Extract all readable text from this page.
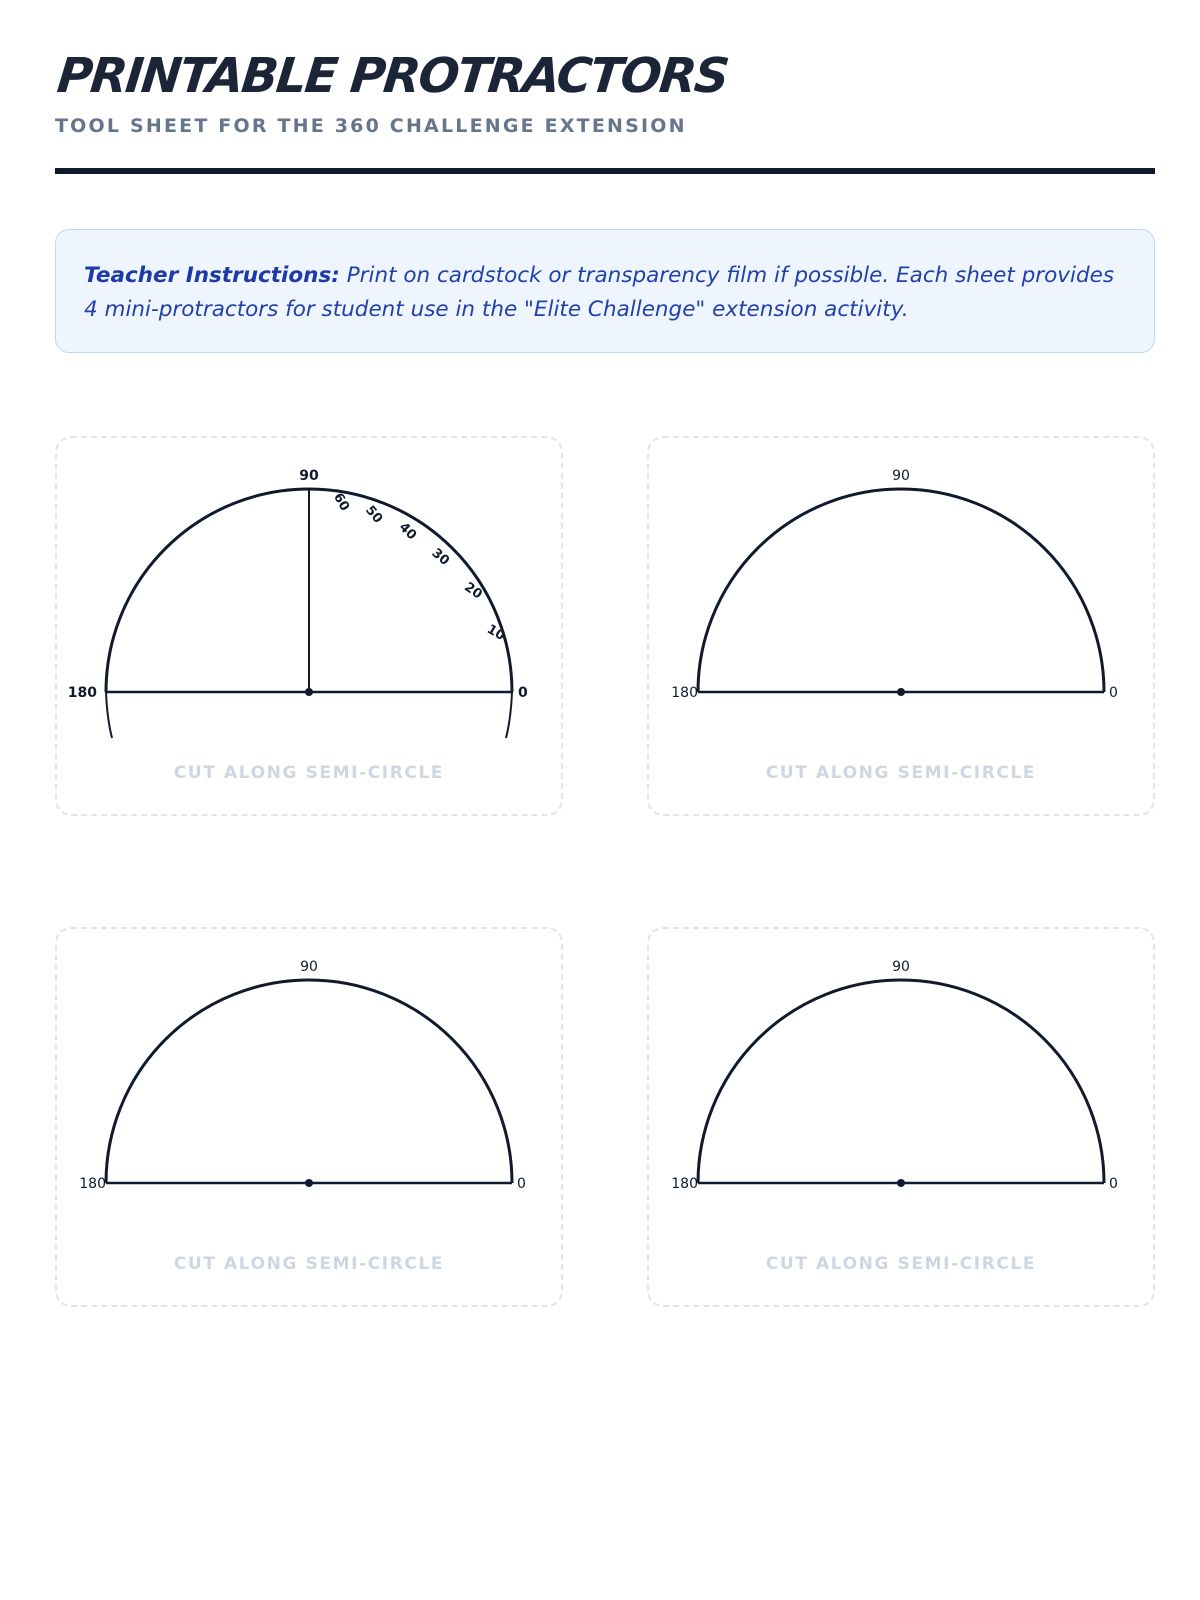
PRINTABLE PROTRACTORS

TOOL SHEET FOR THE 360 CHALLENGE EXTENSION

Teacher Instructions: Print on cardstock or transparency film if possible. Each sheet provides 4 mini-protractors for student use in the "Elite Challenge" extension activity.
90
180	0
60
50
40
30
20
10
CUT ALONG SEMI-CIRCLE
90
180	0
CUT ALONG SEMI-CIRCLE
90
180	0
CUT ALONG SEMI-CIRCLE
90
180	0
CUT ALONG SEMI-CIRCLE
